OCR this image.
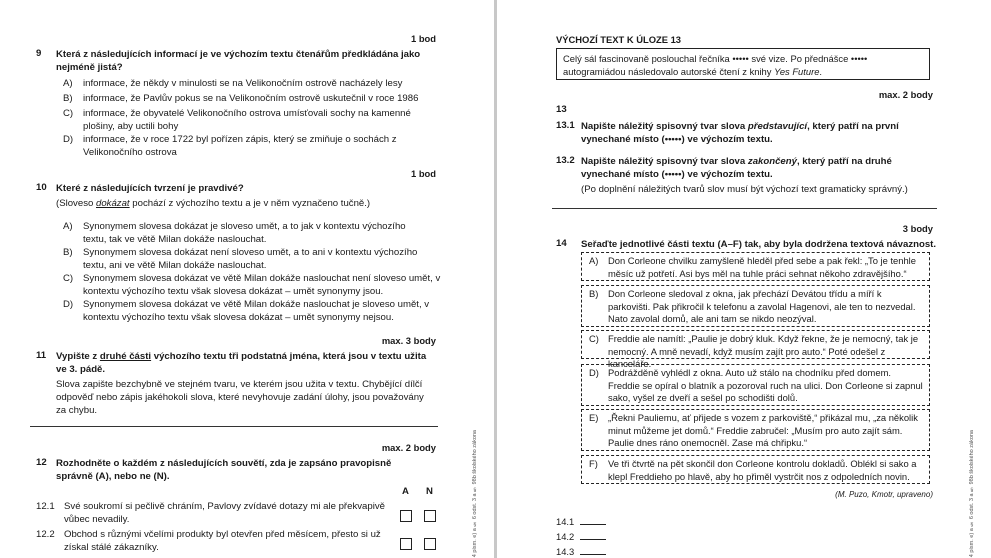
1 bod
9 Která z následujících informací je ve výchozím textu čtenářům předkládána jako nejméně jistá?
A) informace, že někdy v minulosti se na Velikonočním ostrově nacházely lesy
B) informace, že Pavlův pokus se na Velikonočním ostrově uskutečnil v roce 1986
C) informace, že obyvatelé Velikonočního ostrova umísťovali sochy na kamenné plošiny, aby uctili bohy
D) informace, že v roce 1722 byl pořízen zápis, který se zmiňuje o sochách z Velikonočního ostrova
1 bod
10 Které z následujících tvrzení je pravdivé?
(Sloveso dokázat pochází z výchozího textu a je v něm vyznačeno tučně.)
A) Synonymem slovesa dokázat je sloveso umět, a to jak v kontextu výchozího textu, tak ve větě Milan dokáže naslouchat.
B) Synonymem slovesa dokázat není sloveso umět, a to ani v kontextu výchozího textu, ani ve větě Milan dokáže naslouchat.
C) Synonymem slovesa dokázat ve větě Milan dokáže naslouchat není sloveso umět, v kontextu výchozího textu však slovesa dokázat – umět synonymy jsou.
D) Synonymem slovesa dokázat ve větě Milan dokáže naslouchat je sloveso umět, v kontextu výchozího textu však slovesa dokázat – umět synonymy nejsou.
max. 3 body
11 Vypište z druhé části výchozího textu tři podstatná jména, která jsou v textu užita ve 3. pádě.
Slova zapište bezchybně ve stejném tvaru, ve kterém jsou užita v textu. Chybějící dílčí odpověď nebo zápis jakéhokoli slova, které nevyhovuje zadání úlohy, jsou považovány za chybu.
max. 2 body
12 Rozhodněte o každém z následujících souvětí, zda je zapsáno pravopisně správně (A), nebo ne (N).
A N
12.1 Své soukromí si pečlivě chráním, Pavlovy zvídavé dotazy mi ale překvapivě vůbec nevadily.
12.2 Obchod s různými včelími produkty byl otevřen před měsícem, přesto si už získal stálé zákazníky.	4 písm. e) a § 6 odst. 3 a § 98b školského zákona
VÝCHOZÍ TEXT K ÚLOZE 13
Celý sál fascinovaně poslouchal řečníka ••••• své vize. Po přednášce ••••• autogramiádou následovalo autorské čtení z knihy Yes Future.
max. 2 body
13
13.1 Napište náležitý spisovný tvar slova představující, který patří na první vynechané místo (•••••) ve výchozím textu.
13.2 Napište náležitý spisovný tvar slova zakončený, který patří na druhé vynechané místo (•••••) ve výchozím textu.
(Po doplnění náležitých tvarů slov musí být výchozí text gramaticky správný.)
3 body
14 Seřaďte jednotlivé části textu (A–F) tak, aby byla dodržena textová návaznost.
A) Don Corleone chvilku zamyšleně hleděl před sebe a pak řekl: „To je tenhle měsíc už potřetí. Asi bys měl na tuhle práci sehnat někoho zdravějšího.“
B) Don Corleone sledoval z okna, jak přechází Devátou třídu a míří k parkovišti. Pak přikročil k telefonu a zavolal Hagenovi, ale ten to nezvedal. Nato zavolal domů, ale ani tam se nikdo neozýval.
C) Freddie ale namítl: „Paulie je dobrý kluk. Když řekne, že je nemocný, tak je nemocný. A mně nevadí, když musím zajít pro auto.“ Poté odešel z kanceláře.
D) Podrážděně vyhlédl z okna. Auto už stálo na chodníku před domem. Freddie se opíral o blatník a pozoroval ruch na ulici. Don Corleone si zapnul sako, vyšel ze dveří a sešel po schodišti dolů.
E) „Řekni Pauliemu, ať přijede s vozem z parkoviště,“ přikázal mu, „za několik minut můžeme jet domů.“ Freddie zabručel: „Musím pro auto zajít sám. Paulie dnes ráno onemocněl. Zase má chřipku.“
F) Ve tři čtvrtě na pět skončil don Corleone kontrolu dokladů. Oblékl si sako a klepl Freddieho po hlavě, aby ho přiměl vystrčit nos z odpoledních novin.
(M. Puzo, Kmotr, upraveno)
14.1
14.2
14.3	4 písm. e) a § 6 odst. 3 a § 98b školského zákona
